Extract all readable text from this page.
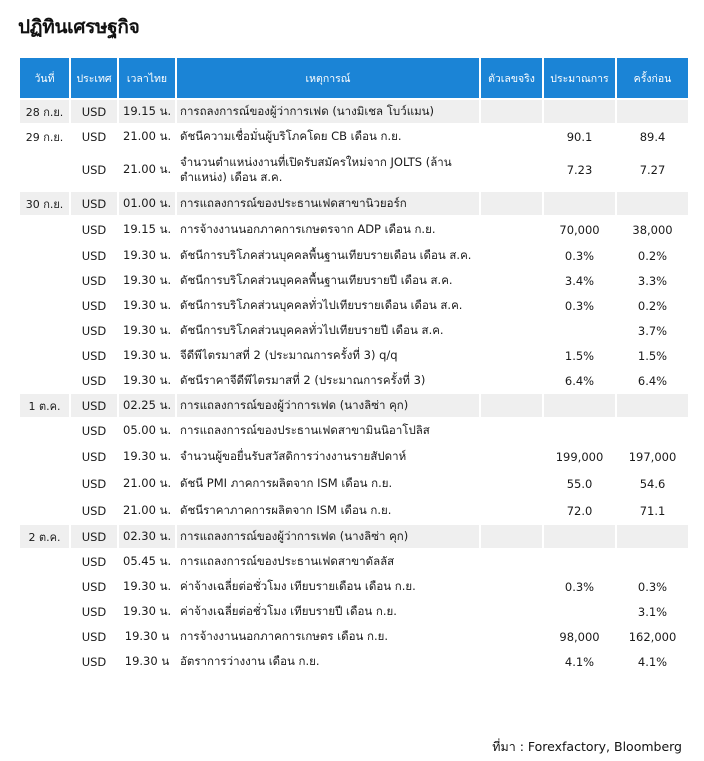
ปฏิทินเศรษฐกิจ
วันที่	ประเทศ	เวลาไทย	เหตุการณ์	ตัวเลขจริง	ประมาณการ	ครั้งก่อน
28 ก.ย.	USD	19.15 น.	การถลงการณ์ของผู้ว่าการเฟด (นางมิเชล โบว์แมน)			
29 ก.ย.	USD	21.00 น.	ดัชนีความเชื่อมั่นผู้บริโภคโดย CB เดือน ก.ย.		90.1	89.4
	USD	21.00 น.	จำนวนตำแหน่งงานที่เปิดรับสมัครใหม่จาก JOLTS (ล้านตำแหน่ง) เดือน ส.ค.		7.23	7.27
30 ก.ย.	USD	01.00 น.	การแถลงการณ์ของประธานเฟดสาขานิวยอร์ก			
	USD	19.15 น.	การจ้างงานนอกภาคการเกษตรจาก ADP เดือน ก.ย.		70,000	38,000
	USD	19.30 น.	ดัชนีการบริโภคส่วนบุคคลพื้นฐานเทียบรายเดือน เดือน ส.ค.		0.3%	0.2%
	USD	19.30 น.	ดัชนีการบริโภคส่วนบุคคลพื้นฐานเทียบรายปี เดือน ส.ค.		3.4%	3.3%
	USD	19.30 น.	ดัชนีการบริโภคส่วนบุคคลทั่วไปเทียบรายเดือน เดือน ส.ค.		0.3%	0.2%
	USD	19.30 น.	ดัชนีการบริโภคส่วนบุคคลทั่วไปเทียบรายปี เดือน ส.ค.			3.7%
	USD	19.30 น.	จีดีพีไตรมาสที่ 2 (ประมาณการครั้งที่ 3) q/q		1.5%	1.5%
	USD	19.30 น.	ดัชนีราคาจีดีพีไตรมาสที่ 2 (ประมาณการครั้งที่ 3)		6.4%	6.4%
1 ต.ค.	USD	02.25 น.	การแถลงการณ์ของผู้ว่าการเฟด (นางลิซ่า คุก)			
	USD	05.00 น.	การแถลงการณ์ของประธานเฟดสาขามินนิอาโปลิส			
	USD	19.30 น.	จำนวนผู้ขอยื่นรับสวัสดิการว่างงานรายสัปดาห์		199,000	197,000
	USD	21.00 น.	ดัชนี PMI ภาคการผลิตจาก ISM เดือน ก.ย.		55.0	54.6
	USD	21.00 น.	ดัชนีราคาภาคการผลิตจาก ISM เดือน ก.ย.		72.0	71.1
2 ต.ค.	USD	02.30 น.	การแถลงการณ์ของผู้ว่าการเฟด (นางลิซ่า คุก)			
	USD	05.45 น.	การแถลงการณ์ของประธานเฟดสาขาดัลลัส			
	USD	19.30 น.	ค่าจ้างเฉลี่ยต่อชั่วโมง เทียบรายเดือน เดือน ก.ย.		0.3%	0.3%
	USD	19.30 น.	ค่าจ้างเฉลี่ยต่อชั่วโมง เทียบรายปี เดือน ก.ย.			3.1%
	USD	19.30 น	การจ้างงานนอกภาคการเกษตร เดือน ก.ย.		98,000	162,000
	USD	19.30 น	อัตราการว่างงาน เดือน ก.ย.		4.1%	4.1%
ที่มา : Forexfactory, Bloomberg
